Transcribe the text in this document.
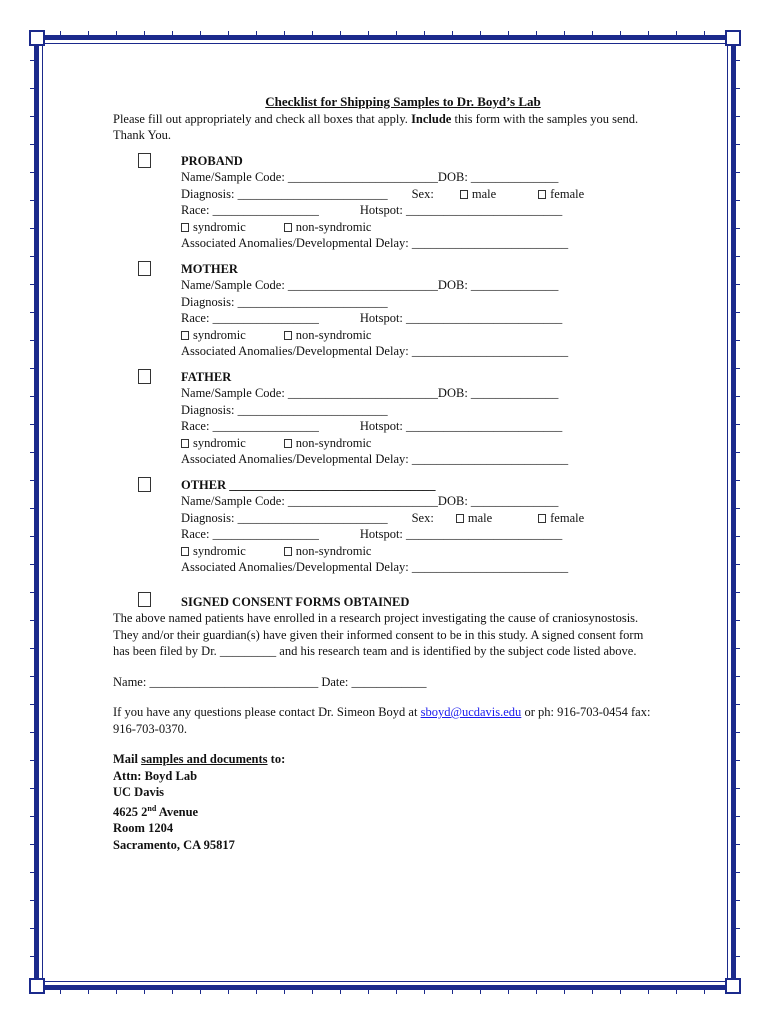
Checklist for Shipping Samples to Dr. Boyd’s Lab
Please fill out appropriately and check all boxes that apply. Include this form with the samples you send. Thank You.
PROBAND
Name/Sample Code: ________________________DOB: ______________
Diagnosis: ________________________ Sex:	male	female
Race: _________________	Hotspot: _________________________
syndromic	non-syndromic
Associated Anomalies/Developmental Delay: _________________________
MOTHER
Name/Sample Code: ________________________DOB: ______________
Diagnosis: ________________________
Race: _________________	Hotspot: _________________________
syndromic	non-syndromic
Associated Anomalies/Developmental Delay: _________________________
FATHER
Name/Sample Code: ________________________DOB: ______________
Diagnosis: ________________________
Race: _________________	Hotspot: _________________________
syndromic	non-syndromic
Associated Anomalies/Developmental Delay: _________________________
OTHER _________________________________
Name/Sample Code: ________________________DOB: ______________
Diagnosis: ________________________ Sex:	male	female
Race: _________________	Hotspot: _________________________
syndromic	non-syndromic
Associated Anomalies/Developmental Delay: _________________________
SIGNED CONSENT FORMS OBTAINED
The above named patients have enrolled in a research project investigating the cause of craniosynostosis. They and/or their guardian(s) have given their informed consent to be in this study. A signed consent form has been filed by Dr. _________ and his research team and is identified by the subject code listed above.
Name: ___________________________ Date: ____________
If you have any questions please contact Dr. Simeon Boyd at sboyd@ucdavis.edu or ph: 916-703-0454 fax: 916-703-0370.
Mail samples and documents to:
Attn: Boyd Lab
UC Davis
4625 2nd Avenue
Room 1204
Sacramento, CA 95817
